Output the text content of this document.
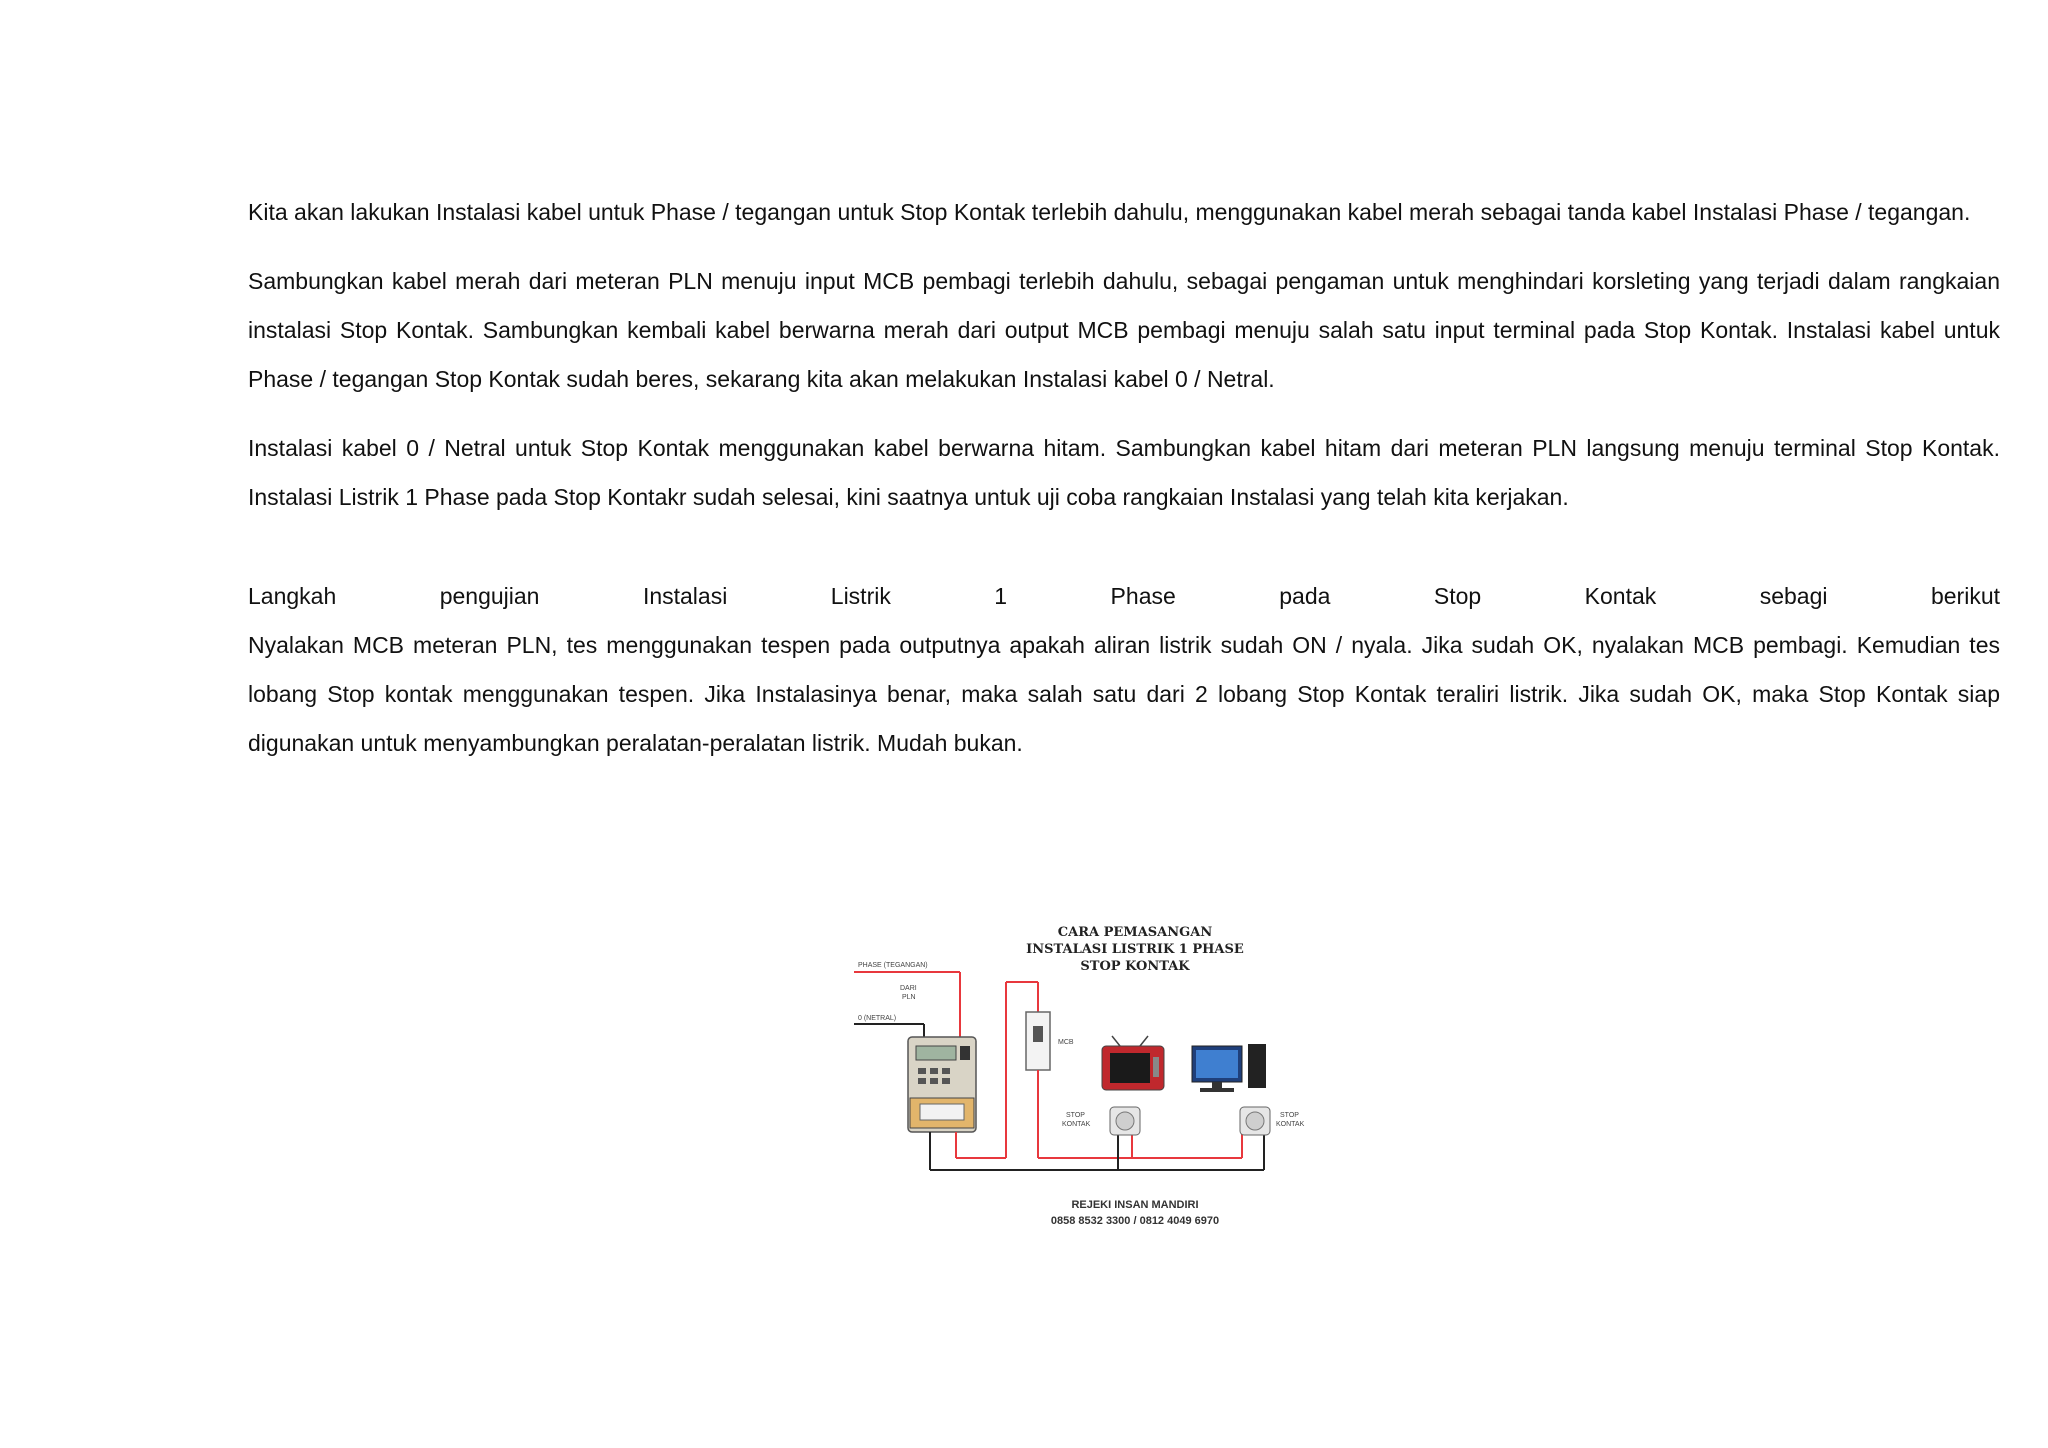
Kita akan lakukan Instalasi kabel untuk Phase / tegangan untuk Stop Kontak terlebih dahulu, menggunakan kabel merah sebagai tanda kabel Instalasi Phase / tegangan.

Sambungkan kabel merah dari meteran PLN menuju input MCB pembagi terlebih dahulu, sebagai pengaman untuk menghindari korsleting yang terjadi dalam rangkaian instalasi Stop Kontak. Sambungkan kembali kabel berwarna merah dari output MCB pembagi menuju salah satu input terminal pada Stop Kontak. Instalasi kabel untuk Phase / tegangan Stop Kontak sudah beres, sekarang kita akan melakukan Instalasi kabel 0 / Netral.

Instalasi kabel 0 / Netral untuk Stop Kontak menggunakan kabel berwarna hitam. Sambungkan kabel hitam dari meteran PLN langsung menuju terminal Stop Kontak. Instalasi Listrik 1 Phase pada Stop Kontakr sudah selesai, kini saatnya untuk uji coba rangkaian Instalasi yang telah kita kerjakan.

Langkah pengujian Instalasi Listrik 1 Phase pada Stop Kontak sebagi berikut

Nyalakan MCB meteran PLN, tes menggunakan tespen pada outputnya apakah aliran listrik sudah ON / nyala. Jika sudah OK, nyalakan MCB pembagi. Kemudian tes lobang Stop kontak menggunakan tespen. Jika Instalasinya benar, maka salah satu dari 2 lobang Stop Kontak teraliri listrik. Jika sudah OK, maka Stop Kontak siap digunakan untuk menyambungkan peralatan-peralatan listrik. Mudah bukan.

CARA PEMASANGAN
INSTALASI LISTRIK 1 PHASE
STOP KONTAK
PHASE (TEGANGAN)
DARI
PLN
0 (NETRAL)
MCB
STOP
KONTAK
STOP
KONTAK
REJEKI INSAN MANDIRI
0858 8532 3300 / 0812 4049 6970
